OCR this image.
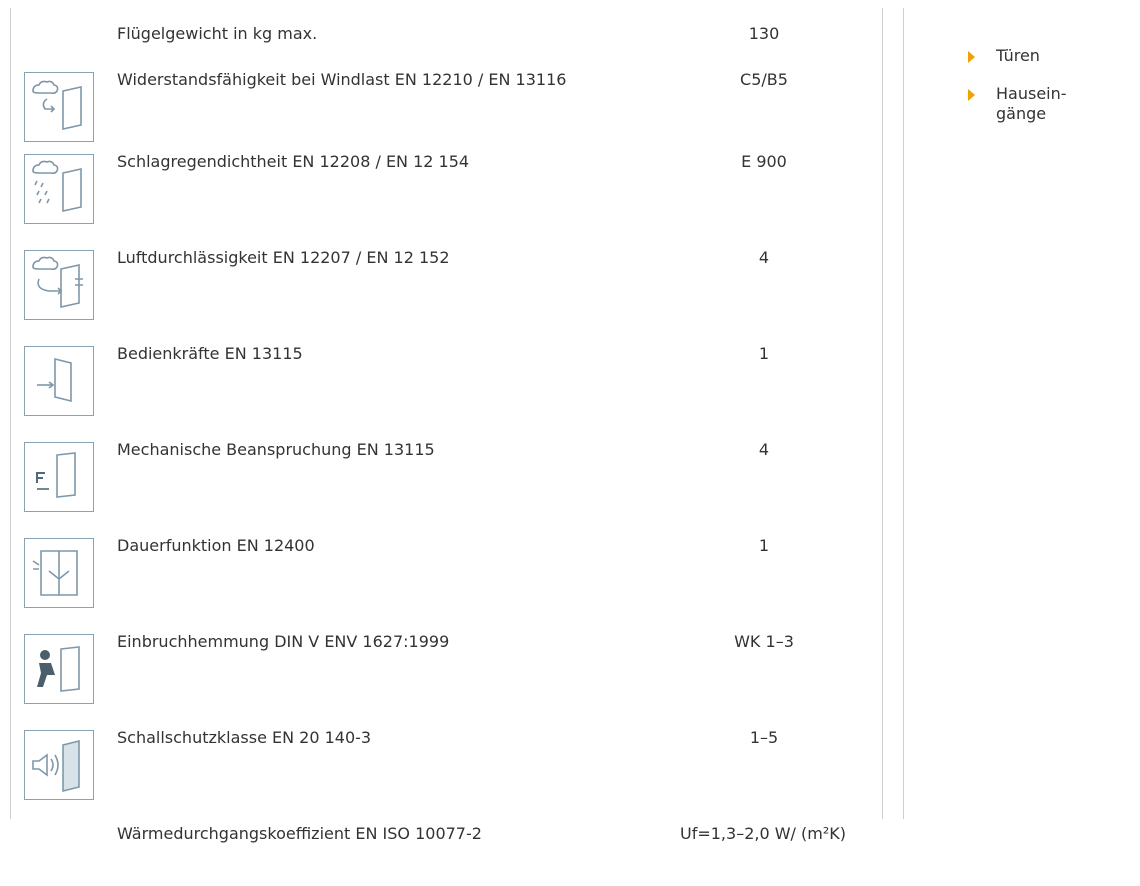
Flügelgewicht in kg max.	130
Widerstandsfähigkeit bei Windlast EN 12210 / EN 13116	C5/B5
Schlagregendichtheit EN 12208 / EN 12 154	E 900
Luftdurchlässigkeit EN 12207 / EN 12 152	4
Bedienkräfte EN 13115	1
Mechanische Beanspruchung EN 13115	4
Dauerfunktion EN 12400	1
Einbruchhemmung DIN V ENV 1627:1999	WK 1–3
Schallschutzklasse EN 20 140-3	1–5
Wärmedurchgangskoeffizient EN ISO 10077-2	Uf=1,3–2,0 W/ (m²K)
Türen
Hausein- gänge
